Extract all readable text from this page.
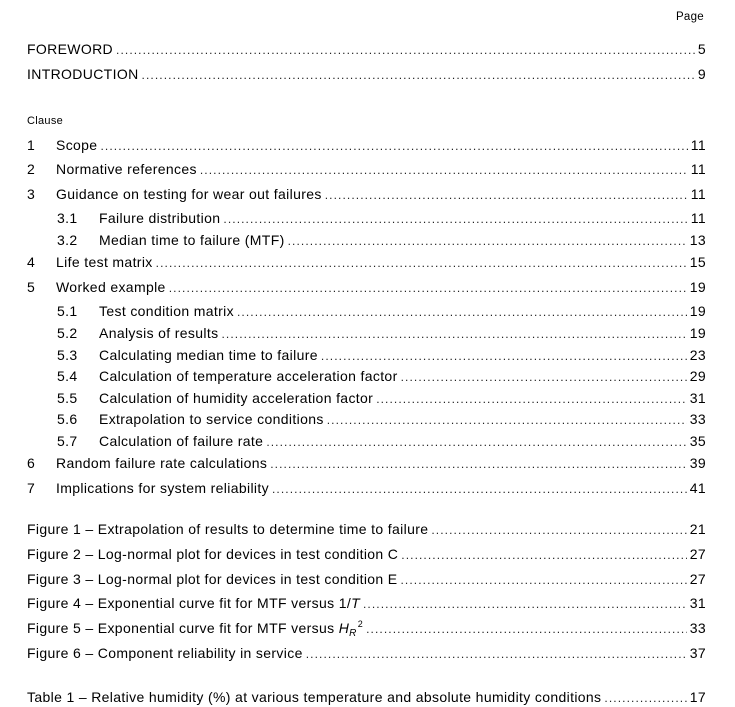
Page
FOREWORD .....	5
INTRODUCTION .....	9
Clause
1	Scope .....	11
2	Normative references .....	11
3	Guidance on testing for wear out failures .....	11
3.1	Failure distribution .....	11
3.2	Median time to failure (MTF) .....	13
4	Life test matrix .....	15
5	Worked example .....	19
5.1	Test condition matrix .....	19
5.2	Analysis of results .....	19
5.3	Calculating median time to failure .....	23
5.4	Calculation of temperature acceleration factor .....	29
5.5	Calculation of humidity acceleration factor .....	31
5.6	Extrapolation to service conditions .....	33
5.7	Calculation of failure rate .....	35
6	Random failure rate calculations .....	39
7	Implications for system reliability .....	41
Figure 1 – Extrapolation of results to determine time to failure .....	21
Figure 2 – Log-normal plot for devices in test condition C .....	27
Figure 3 – Log-normal plot for devices in test condition E .....	27
Figure 4 – Exponential curve fit for MTF versus 1/T .....	31
Figure 5 – Exponential curve fit for MTF versus $H_R^2$ .....	33
Figure 6 – Component reliability in service .....	37
Table 1 – Relative humidity (%) at various temperature and absolute humidity conditions .....	17
